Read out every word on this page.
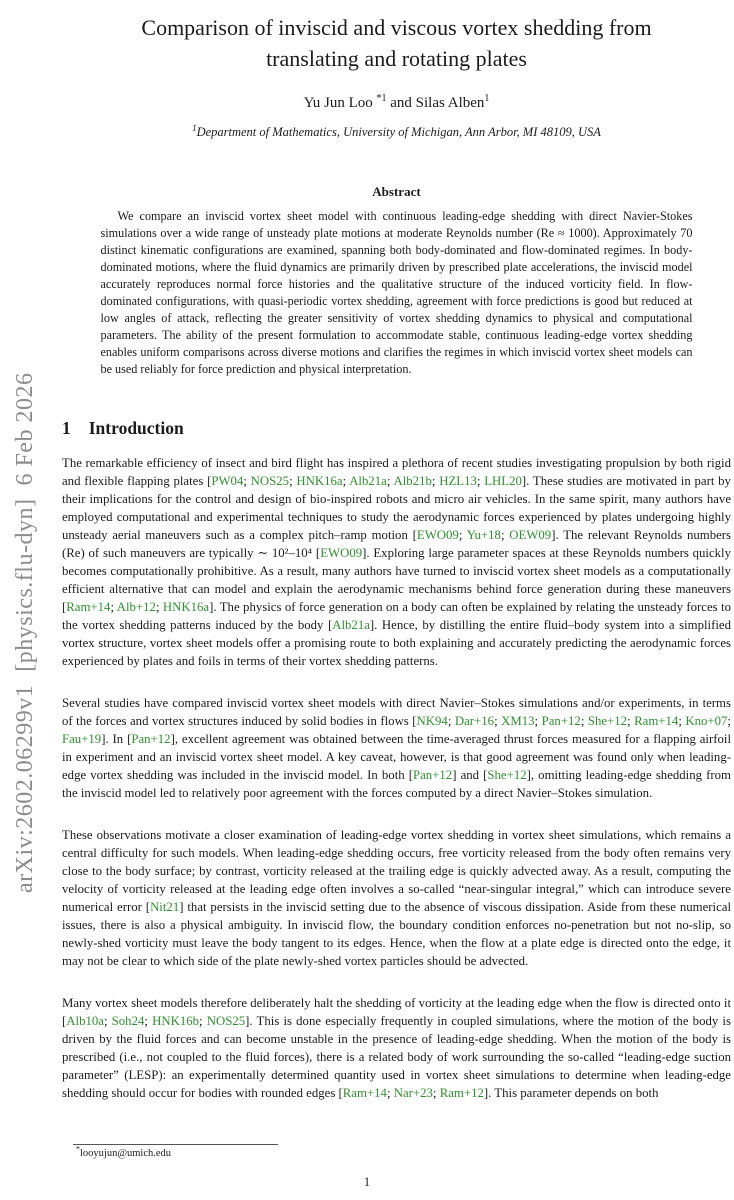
arXiv:2602.06299v1  [physics.flu-dyn]  6 Feb 2026
Comparison of inviscid and viscous vortex shedding from
translating and rotating plates
Yu Jun Loo $^{*1}$ and Silas Alben$^1$
$^1$Department of Mathematics, University of Michigan, Ann Arbor, MI 48109, USA
Abstract

We compare an inviscid vortex sheet model with continuous leading-edge shedding with direct Navier-Stokes simulations over a wide range of unsteady plate motions at moderate Reynolds number (Re ≈ 1000). Approximately 70 distinct kinematic configurations are examined, spanning both body-dominated and flow-dominated regimes. In body-dominated motions, where the fluid dynamics are primarily driven by prescribed plate accelerations, the inviscid model accurately reproduces normal force histories and the qualitative structure of the induced vorticity field. In flow-dominated configurations, with quasi-periodic vortex shedding, agreement with force predictions is good but reduced at low angles of attack, reflecting the greater sensitivity of vortex shedding dynamics to physical and computational parameters. The ability of the present formulation to accommodate stable, continuous leading-edge vortex shedding enables uniform comparisons across diverse motions and clarifies the regimes in which inviscid vortex sheet models can be used reliably for force prediction and physical interpretation.

1 Introduction

The remarkable efficiency of insect and bird flight has inspired a plethora of recent studies investigating propulsion by both rigid and flexible flapping plates [PW04; NOS25; HNK16a; Alb21a; Alb21b; HZL13; LHL20]. These studies are motivated in part by their implications for the control and design of bio-inspired robots and micro air vehicles. In the same spirit, many authors have employed computational and experimental techniques to study the aerodynamic forces experienced by plates undergoing highly unsteady aerial maneuvers such as a complex pitch–ramp motion [EWO09; Yu+18; OEW09]. The relevant Reynolds numbers (Re) of such maneuvers are typically ∼ 10²–10⁴ [EWO09]. Exploring large parameter spaces at these Reynolds numbers quickly becomes computationally prohibitive. As a result, many authors have turned to inviscid vortex sheet models as a computationally efficient alternative that can model and explain the aerodynamic mechanisms behind force generation during these maneuvers [Ram+14; Alb+12; HNK16a]. The physics of force generation on a body can often be explained by relating the unsteady forces to the vortex shedding patterns induced by the body [Alb21a]. Hence, by distilling the entire fluid–body system into a simplified vortex structure, vortex sheet models offer a promising route to both explaining and accurately predicting the aerodynamic forces experienced by plates and foils in terms of their vortex shedding patterns.

Several studies have compared inviscid vortex sheet models with direct Navier–Stokes simulations and/or experiments, in terms of the forces and vortex structures induced by solid bodies in flows [NK94; Dar+16; XM13; Pan+12; She+12; Ram+14; Kno+07; Fau+19]. In [Pan+12], excellent agreement was obtained between the time-averaged thrust forces measured for a flapping airfoil in experiment and an inviscid vortex sheet model. A key caveat, however, is that good agreement was found only when leading-edge vortex shedding was included in the inviscid model. In both [Pan+12] and [She+12], omitting leading-edge shedding from the inviscid model led to relatively poor agreement with the forces computed by a direct Navier–Stokes simulation.

These observations motivate a closer examination of leading-edge vortex shedding in vortex sheet simulations, which remains a central difficulty for such models. When leading-edge shedding occurs, free vorticity released from the body often remains very close to the body surface; by contrast, vorticity released at the trailing edge is quickly advected away. As a result, computing the velocity of vorticity released at the leading edge often involves a so-called “near-singular integral,” which can introduce severe numerical error [Nit21] that persists in the inviscid setting due to the absence of viscous dissipation. Aside from these numerical issues, there is also a physical ambiguity. In inviscid flow, the boundary condition enforces no-penetration but not no-slip, so newly-shed vorticity must leave the body tangent to its edges. Hence, when the flow at a plate edge is directed onto the edge, it may not be clear to which side of the plate newly-shed vortex particles should be advected.

Many vortex sheet models therefore deliberately halt the shedding of vorticity at the leading edge when the flow is directed onto it [Alb10a; Soh24; HNK16b; NOS25]. This is done especially frequently in coupled simulations, where the motion of the body is driven by the fluid forces and can become unstable in the presence of leading-edge shedding. When the motion of the body is prescribed (i.e., not coupled to the fluid forces), there is a related body of work surrounding the so-called “leading-edge suction parameter” (LESP): an experimentally determined quantity used in vortex sheet simulations to determine when leading-edge shedding should occur for bodies with rounded edges [Ram+14; Nar+23; Ram+12]. This parameter depends on both

*looyujun@umich.edu
1
